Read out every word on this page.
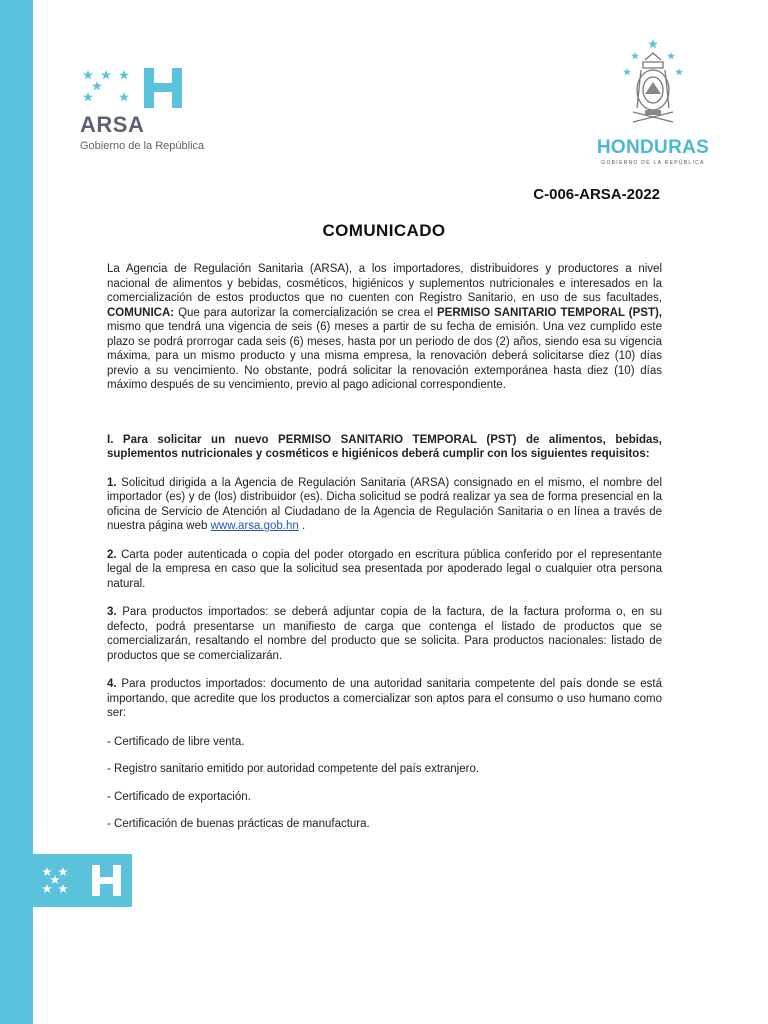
ARSA
Gobierno de la República	HONDURAS
GOBIERNO DE LA REPÚBLICA
C-006-ARSA-2022
COMUNICADO

La Agencia de Regulación Sanitaria (ARSA), a los importadores, distribuidores y productores a nivel nacional de alimentos y bebidas, cosméticos, higiénicos y suplementos nutricionales e interesados en la comercialización de estos productos que no cuenten con Registro Sanitario, en uso de sus facultades, COMUNICA: Que para autorizar la comercialización se crea el PERMISO SANITARIO TEMPORAL (PST), mismo que tendrá una vigencia de seis (6) meses a partir de su fecha de emisión. Una vez cumplido este plazo se podrá prorrogar cada seis (6) meses, hasta por un periodo de dos (2) años, siendo esa su vigencia máxima, para un mismo producto y una misma empresa, la renovación deberá solicitarse diez (10) días previo a su vencimiento. No obstante, podrá solicitar la renovación extemporánea hasta diez (10) días máximo después de su vencimiento, previo al pago adicional correspondiente.

I. Para solicitar un nuevo PERMISO SANITARIO TEMPORAL (PST) de alimentos, bebidas, suplementos nutricionales y cosméticos e higiénicos deberá cumplir con los siguientes requisitos:

1. Solicitud dirigida a la Agencia de Regulación Sanitaria (ARSA) consignado en el mismo, el nombre del importador (es) y de (los) distribuidor (es). Dicha solicitud se podrá realizar ya sea de forma presencial en la oficina de Servicio de Atención al Ciudadano de la Agencia de Regulación Sanitaria o en línea a través de nuestra página web www.arsa.gob.hn .

2. Carta poder autenticada o copia del poder otorgado en escritura pública conferido por el representante legal de la empresa en caso que la solicitud sea presentada por apoderado legal o cualquier otra persona natural.

3. Para productos importados: se deberá adjuntar copia de la factura, de la factura proforma o, en su defecto, podrá presentarse un manifiesto de carga que contenga el listado de productos que se comercializarán, resaltando el nombre del producto que se solicita. Para productos nacionales: listado de productos que se comercializarán.

4. Para productos importados: documento de una autoridad sanitaria competente del país donde se está importando, que acredite que los productos a comercializar son aptos para el consumo o uso humano como ser:

- Certificado de libre venta.

- Registro sanitario emitido por autoridad competente del país extranjero.

- Certificado de exportación.

- Certificación de buenas prácticas de manufactura.
